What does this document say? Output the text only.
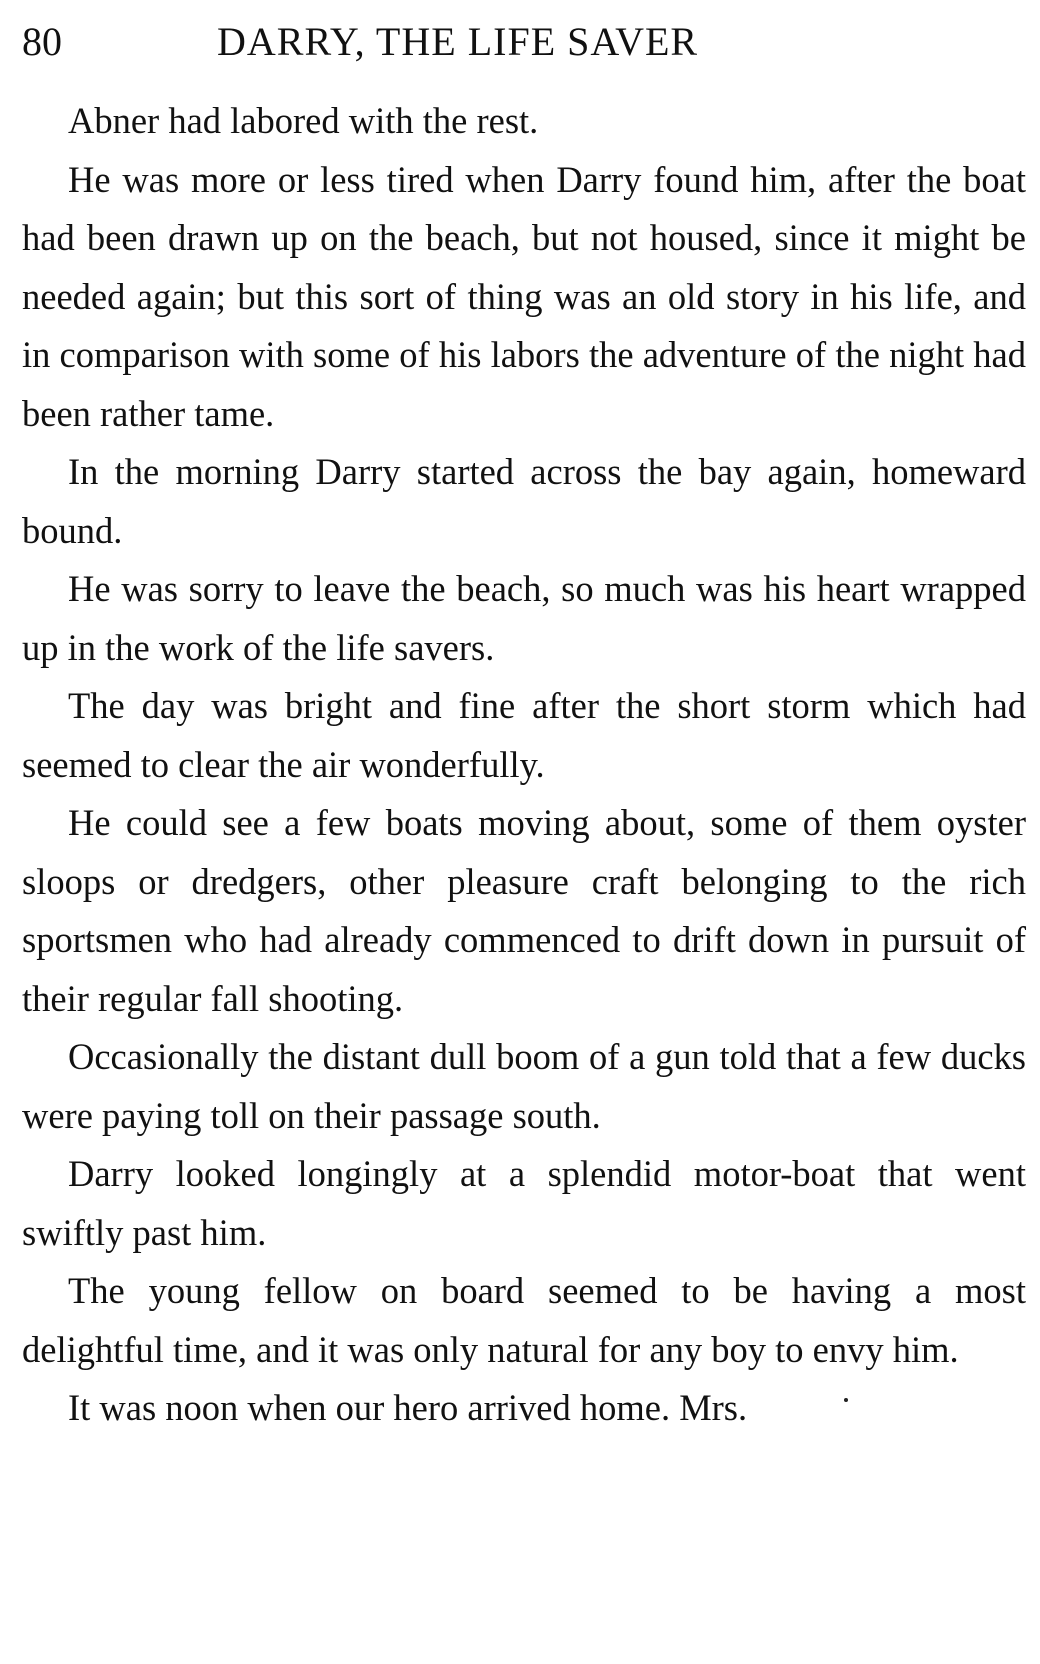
80	DARRY, THE LIFE SAVER

Abner had labored with the rest.

He was more or less tired when Darry found him, after the boat had been drawn up on the beach, but not housed, since it might be needed again; but this sort of thing was an old story in his life, and in comparison with some of his labors the adventure of the night had been rather tame.

In the morning Darry started across the bay again, homeward bound.

He was sorry to leave the beach, so much was his heart wrapped up in the work of the life savers.

The day was bright and fine after the short storm which had seemed to clear the air wonderfully.

He could see a few boats moving about, some of them oyster sloops or dredgers, other pleasure craft belonging to the rich sportsmen who had already commenced to drift down in pursuit of their regular fall shooting.

Occasionally the distant dull boom of a gun told that a few ducks were paying toll on their passage south.

Darry looked longingly at a splendid motor-boat that went swiftly past him.

The young fellow on board seemed to be having a most delightful time, and it was only natural for any boy to envy him.

It was noon when our hero arrived home. Mrs.
